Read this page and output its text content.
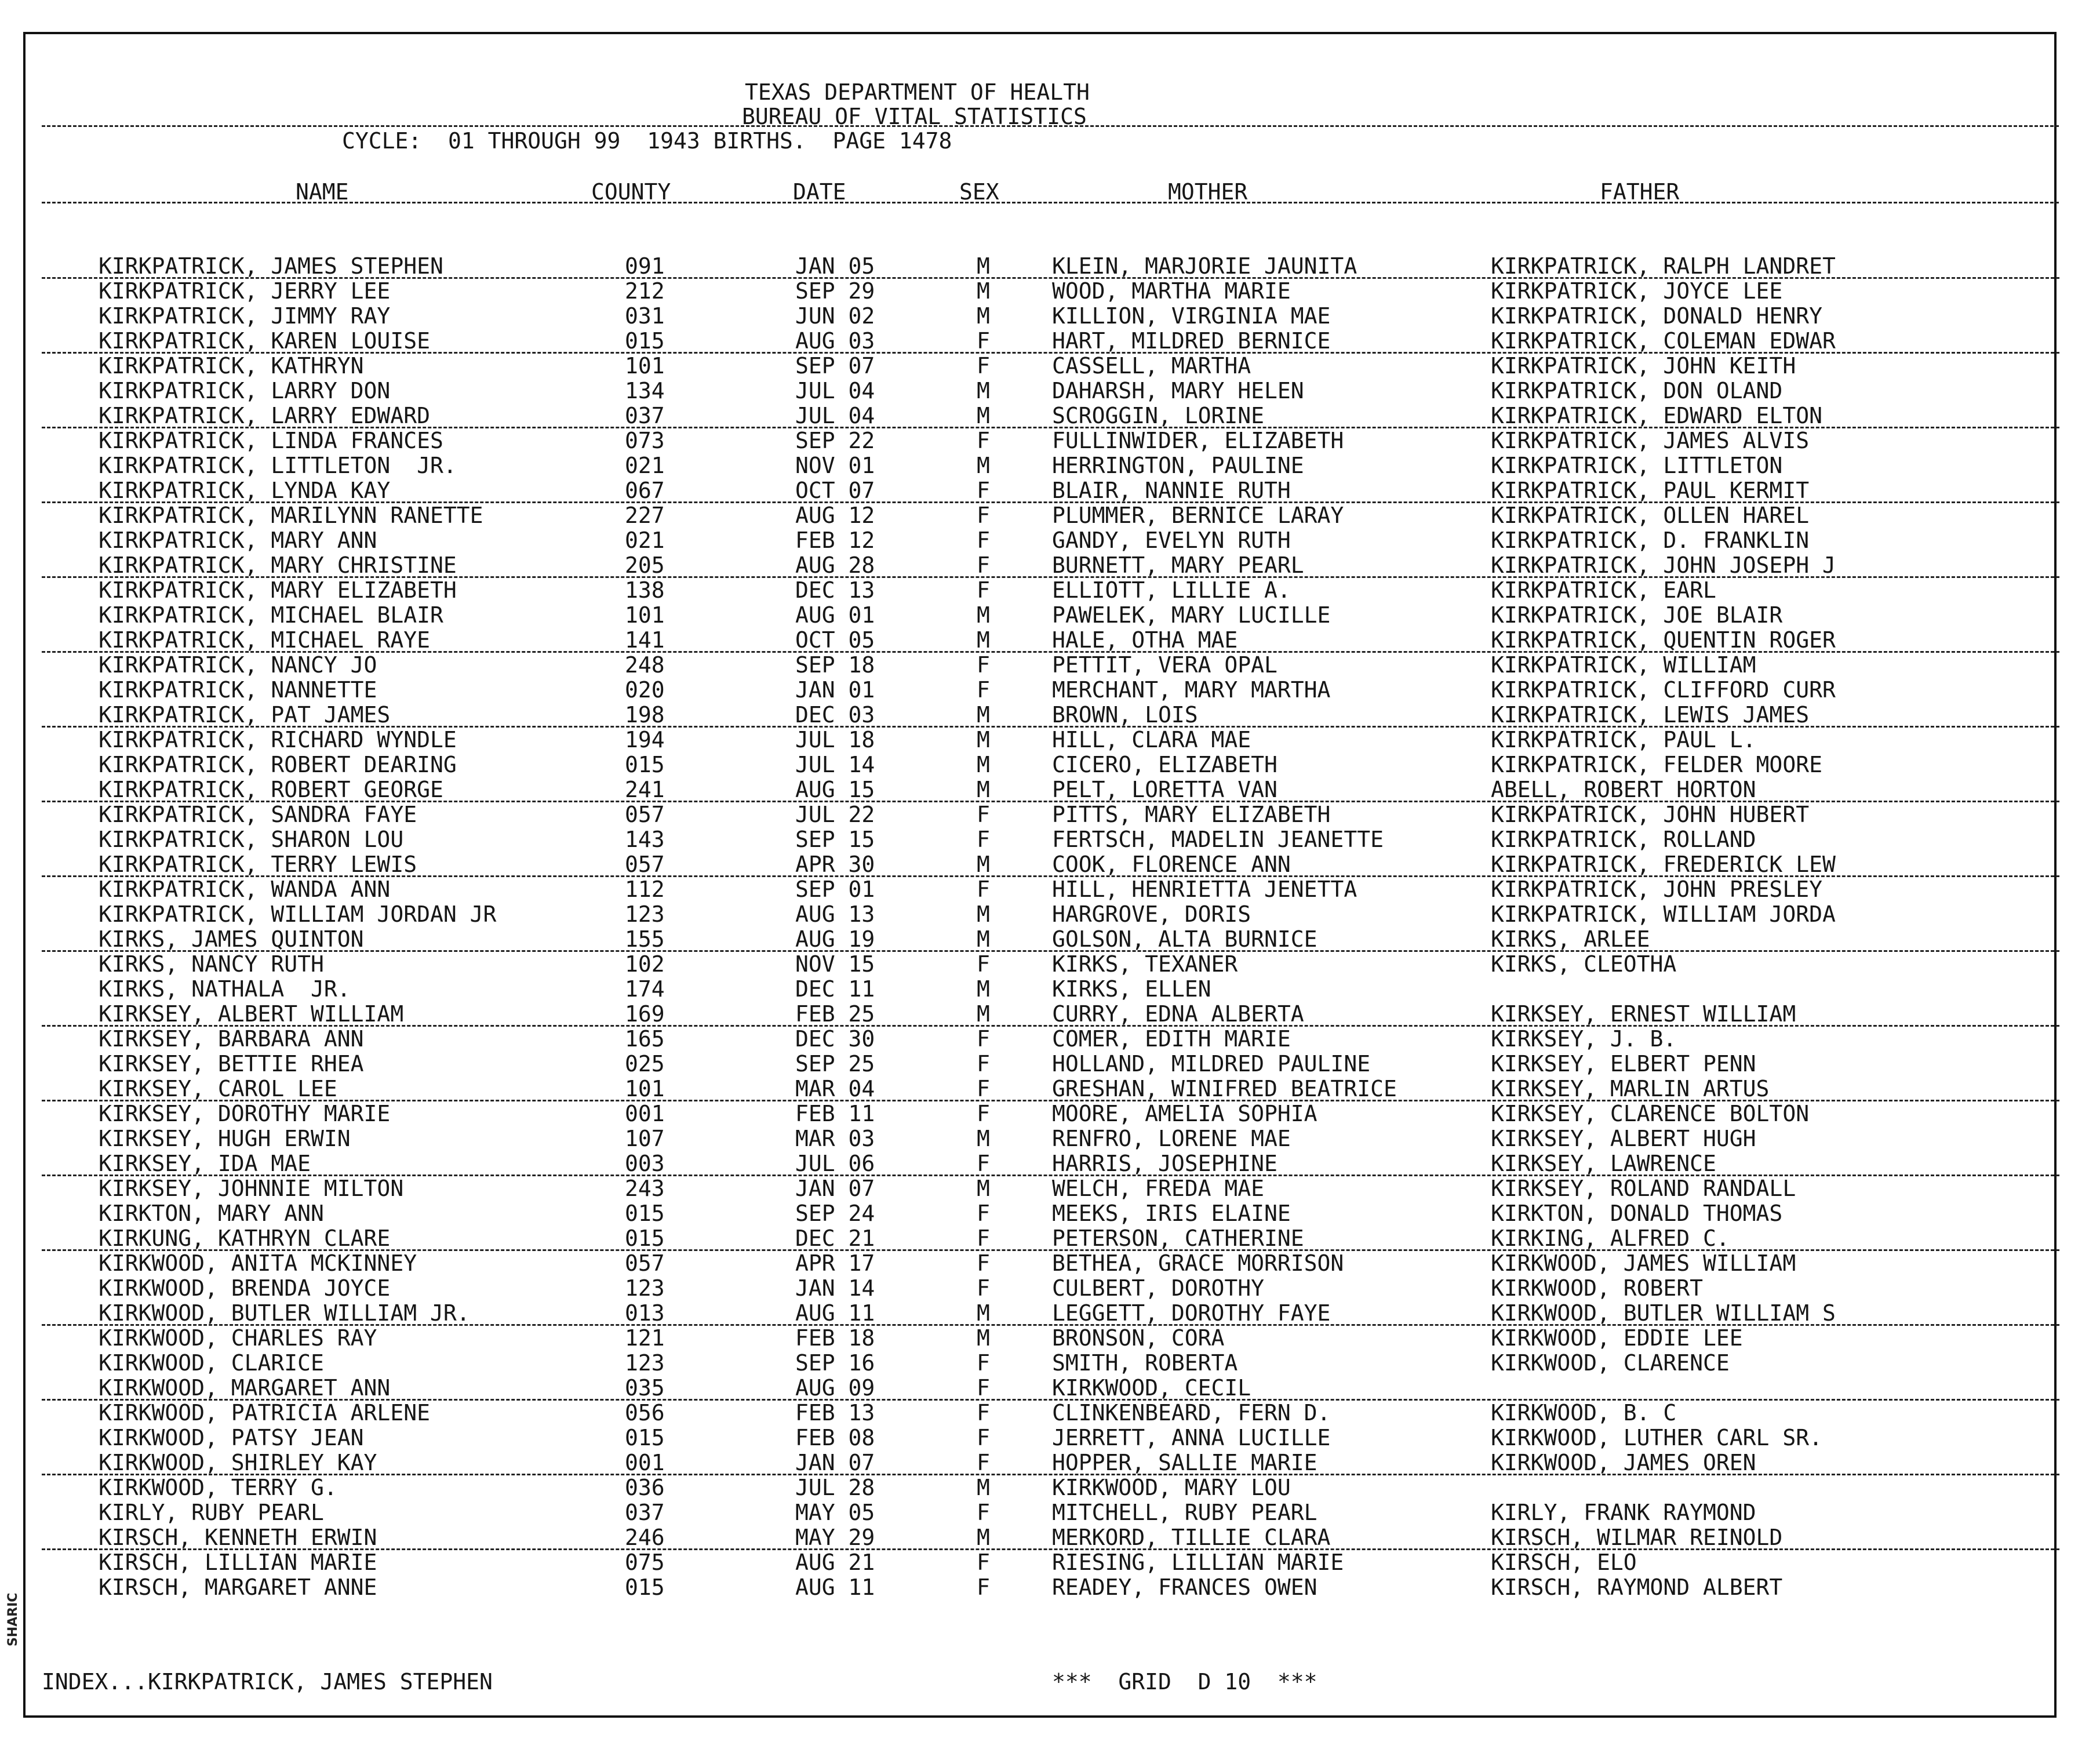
TEXAS DEPARTMENT OF HEALTH
BUREAU OF VITAL STATISTICS
CYCLE:  01 THROUGH 99  1943 BIRTHS.  PAGE 1478
NAME	COUNTY	DATE	SEX	MOTHER	FATHER
KIRKPATRICK, JAMES STEPHEN	091	JAN 05	M	KLEIN, MARJORIE JAUNITA	KIRKPATRICK, RALPH LANDRET
KIRKPATRICK, JERRY LEE	212	SEP 29	M	WOOD, MARTHA MARIE	KIRKPATRICK, JOYCE LEE
KIRKPATRICK, JIMMY RAY	031	JUN 02	M	KILLION, VIRGINIA MAE	KIRKPATRICK, DONALD HENRY
KIRKPATRICK, KAREN LOUISE	015	AUG 03	F	HART, MILDRED BERNICE	KIRKPATRICK, COLEMAN EDWAR
KIRKPATRICK, KATHRYN	101	SEP 07	F	CASSELL, MARTHA	KIRKPATRICK, JOHN KEITH
KIRKPATRICK, LARRY DON	134	JUL 04	M	DAHARSH, MARY HELEN	KIRKPATRICK, DON OLAND
KIRKPATRICK, LARRY EDWARD	037	JUL 04	M	SCROGGIN, LORINE	KIRKPATRICK, EDWARD ELTON
KIRKPATRICK, LINDA FRANCES	073	SEP 22	F	FULLINWIDER, ELIZABETH	KIRKPATRICK, JAMES ALVIS
KIRKPATRICK, LITTLETON  JR.	021	NOV 01	M	HERRINGTON, PAULINE	KIRKPATRICK, LITTLETON
KIRKPATRICK, LYNDA KAY	067	OCT 07	F	BLAIR, NANNIE RUTH	KIRKPATRICK, PAUL KERMIT
KIRKPATRICK, MARILYNN RANETTE	227	AUG 12	F	PLUMMER, BERNICE LARAY	KIRKPATRICK, OLLEN HAREL
KIRKPATRICK, MARY ANN	021	FEB 12	F	GANDY, EVELYN RUTH	KIRKPATRICK, D. FRANKLIN
KIRKPATRICK, MARY CHRISTINE	205	AUG 28	F	BURNETT, MARY PEARL	KIRKPATRICK, JOHN JOSEPH J
KIRKPATRICK, MARY ELIZABETH	138	DEC 13	F	ELLIOTT, LILLIE A.	KIRKPATRICK, EARL
KIRKPATRICK, MICHAEL BLAIR	101	AUG 01	M	PAWELEK, MARY LUCILLE	KIRKPATRICK, JOE BLAIR
KIRKPATRICK, MICHAEL RAYE	141	OCT 05	M	HALE, OTHA MAE	KIRKPATRICK, QUENTIN ROGER
KIRKPATRICK, NANCY JO	248	SEP 18	F	PETTIT, VERA OPAL	KIRKPATRICK, WILLIAM
KIRKPATRICK, NANNETTE	020	JAN 01	F	MERCHANT, MARY MARTHA	KIRKPATRICK, CLIFFORD CURR
KIRKPATRICK, PAT JAMES	198	DEC 03	M	BROWN, LOIS	KIRKPATRICK, LEWIS JAMES
KIRKPATRICK, RICHARD WYNDLE	194	JUL 18	M	HILL, CLARA MAE	KIRKPATRICK, PAUL L.
KIRKPATRICK, ROBERT DEARING	015	JUL 14	M	CICERO, ELIZABETH	KIRKPATRICK, FELDER MOORE
KIRKPATRICK, ROBERT GEORGE	241	AUG 15	M	PELT, LORETTA VAN	ABELL, ROBERT HORTON
KIRKPATRICK, SANDRA FAYE	057	JUL 22	F	PITTS, MARY ELIZABETH	KIRKPATRICK, JOHN HUBERT
KIRKPATRICK, SHARON LOU	143	SEP 15	F	FERTSCH, MADELIN JEANETTE	KIRKPATRICK, ROLLAND
KIRKPATRICK, TERRY LEWIS	057	APR 30	M	COOK, FLORENCE ANN	KIRKPATRICK, FREDERICK LEW
KIRKPATRICK, WANDA ANN	112	SEP 01	F	HILL, HENRIETTA JENETTA	KIRKPATRICK, JOHN PRESLEY
KIRKPATRICK, WILLIAM JORDAN JR	123	AUG 13	M	HARGROVE, DORIS	KIRKPATRICK, WILLIAM JORDA
KIRKS, JAMES QUINTON	155	AUG 19	M	GOLSON, ALTA BURNICE	KIRKS, ARLEE
KIRKS, NANCY RUTH	102	NOV 15	F	KIRKS, TEXANER	KIRKS, CLEOTHA
KIRKS, NATHALA  JR.	174	DEC 11	M	KIRKS, ELLEN
KIRKSEY, ALBERT WILLIAM	169	FEB 25	M	CURRY, EDNA ALBERTA	KIRKSEY, ERNEST WILLIAM
KIRKSEY, BARBARA ANN	165	DEC 30	F	COMER, EDITH MARIE	KIRKSEY, J. B.
KIRKSEY, BETTIE RHEA	025	SEP 25	F	HOLLAND, MILDRED PAULINE	KIRKSEY, ELBERT PENN
KIRKSEY, CAROL LEE	101	MAR 04	F	GRESHAN, WINIFRED BEATRICE	KIRKSEY, MARLIN ARTUS
KIRKSEY, DOROTHY MARIE	001	FEB 11	F	MOORE, AMELIA SOPHIA	KIRKSEY, CLARENCE BOLTON
KIRKSEY, HUGH ERWIN	107	MAR 03	M	RENFRO, LORENE MAE	KIRKSEY, ALBERT HUGH
KIRKSEY, IDA MAE	003	JUL 06	F	HARRIS, JOSEPHINE	KIRKSEY, LAWRENCE
KIRKSEY, JOHNNIE MILTON	243	JAN 07	M	WELCH, FREDA MAE	KIRKSEY, ROLAND RANDALL
KIRKTON, MARY ANN	015	SEP 24	F	MEEKS, IRIS ELAINE	KIRKTON, DONALD THOMAS
KIRKUNG, KATHRYN CLARE	015	DEC 21	F	PETERSON, CATHERINE	KIRKING, ALFRED C.
KIRKWOOD, ANITA MCKINNEY	057	APR 17	F	BETHEA, GRACE MORRISON	KIRKWOOD, JAMES WILLIAM
KIRKWOOD, BRENDA JOYCE	123	JAN 14	F	CULBERT, DOROTHY	KIRKWOOD, ROBERT
KIRKWOOD, BUTLER WILLIAM JR.	013	AUG 11	M	LEGGETT, DOROTHY FAYE	KIRKWOOD, BUTLER WILLIAM S
KIRKWOOD, CHARLES RAY	121	FEB 18	M	BRONSON, CORA	KIRKWOOD, EDDIE LEE
KIRKWOOD, CLARICE	123	SEP 16	F	SMITH, ROBERTA	KIRKWOOD, CLARENCE
KIRKWOOD, MARGARET ANN	035	AUG 09	F	KIRKWOOD, CECIL
KIRKWOOD, PATRICIA ARLENE	056	FEB 13	F	CLINKENBEARD, FERN D.	KIRKWOOD, B. C
KIRKWOOD, PATSY JEAN	015	FEB 08	F	JERRETT, ANNA LUCILLE	KIRKWOOD, LUTHER CARL SR.
KIRKWOOD, SHIRLEY KAY	001	JAN 07	F	HOPPER, SALLIE MARIE	KIRKWOOD, JAMES OREN
KIRKWOOD, TERRY G.	036	JUL 28	M	KIRKWOOD, MARY LOU
KIRLY, RUBY PEARL	037	MAY 05	F	MITCHELL, RUBY PEARL	KIRLY, FRANK RAYMOND
KIRSCH, KENNETH ERWIN	246	MAY 29	M	MERKORD, TILLIE CLARA	KIRSCH, WILMAR REINOLD
KIRSCH, LILLIAN MARIE	075	AUG 21	F	RIESING, LILLIAN MARIE	KIRSCH, ELO
KIRSCH, MARGARET ANNE	015	AUG 11	F	READEY, FRANCES OWEN	KIRSCH, RAYMOND ALBERT
INDEX...KIRKPATRICK, JAMES STEPHEN	***  GRID  D 10  ***
SHARIC
